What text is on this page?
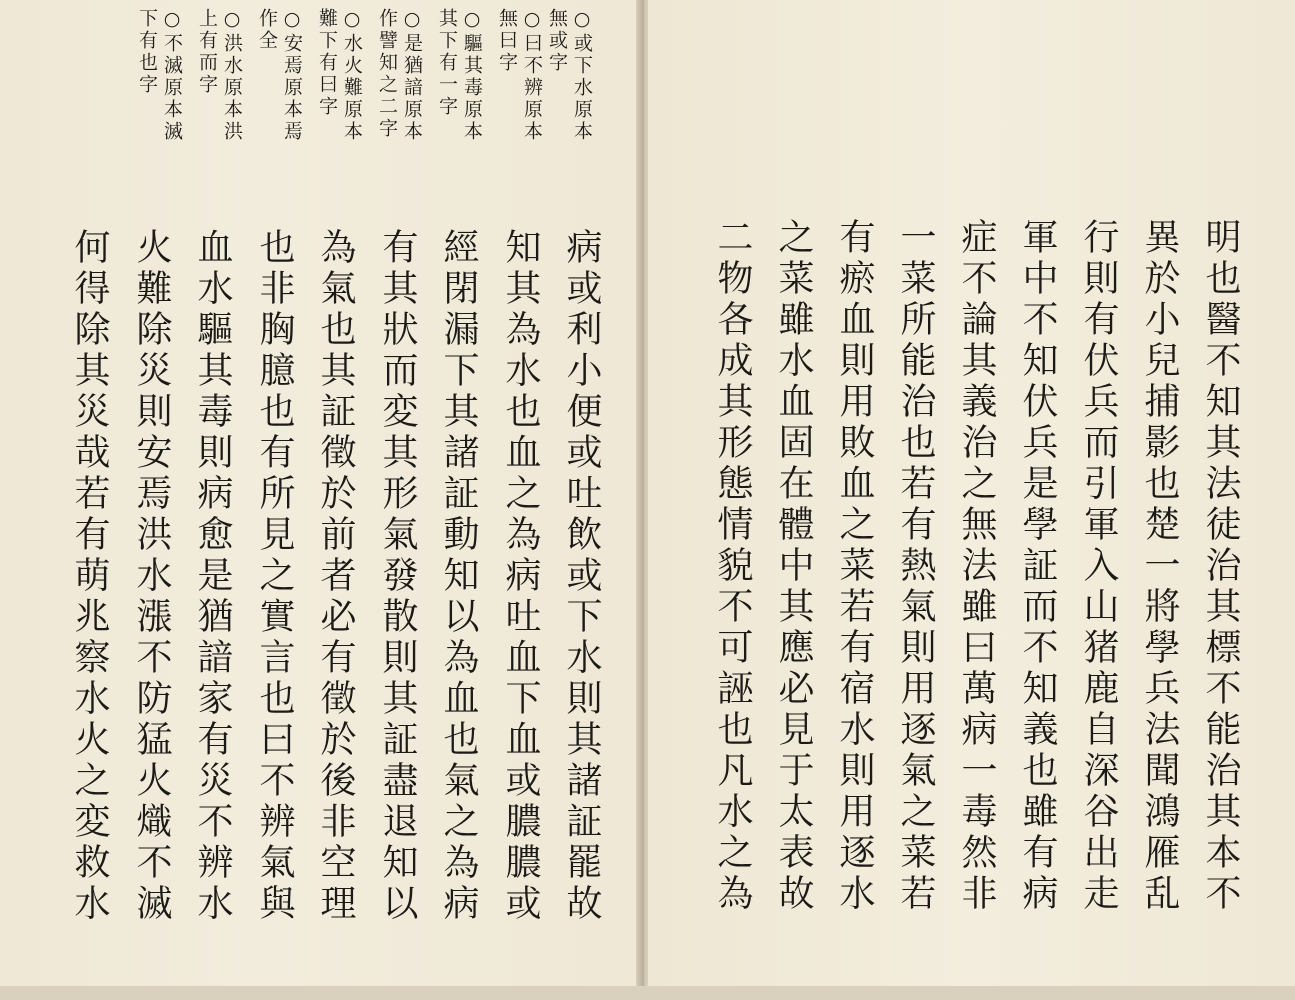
○或下水原本
無或字
○曰不辨原本
無曰字
○驅其毒原本
其下有一字
○是猶諳原本
作譬知之二字
○水火難原本
難下有曰字
○安焉原本焉
作全
○洪水原本洪
上有而字
○不滅原本滅
下有也字
病或利小便或吐飲或下水則其諸証罷故
知其為水也血之為病吐血下血或膿膿或
經閉漏下其諸証動知以為血也氣之為病
有其狀而変其形氣發散則其証盡退知以
為氣也其証徵於前者必有徵於後非空理
也非胸臆也有所見之實言也曰不辨氣與
血水驅其毒則病愈是猶諳家有災不辨水
火難除災則安焉洪水漲不防猛火熾不滅
何得除其災哉若有萌兆察水火之変救水
　	明也醫不知其法徒治其標不能治其本不
異於小兒捕影也楚一將學兵法聞鴻雁乱
行則有伏兵而引軍入山猪鹿自深谷出走
軍中不知伏兵是學証而不知義也雖有病
症不論其義治之無法雖曰萬病一毒然非
一菜所能治也若有熱氣則用逐氣之菜若
有瘀血則用敗血之菜若有宿水則用逐水
之菜雖水血固在體中其應必見于太表故
二物各成其形態情貌不可誣也凡水之為
